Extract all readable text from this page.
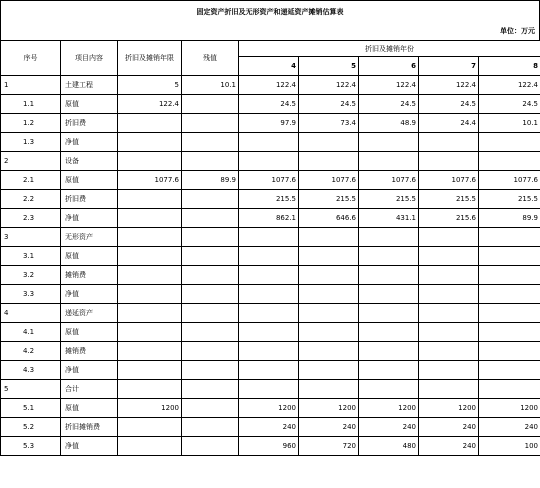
固定资产折旧及无形资产和递延资产摊销估算表
单位：万元
序号	项目内容	折旧及摊销年限	残值	折旧及摊销年份				
				4	5	6	7	8
1	土建工程	5	10.1	122.4	122.4	122.4	122.4	122.4
1.1	原值	122.4		24.5	24.5	24.5	24.5	24.5
1.2	折旧费			97.9	73.4	48.9	24.4	10.1
1.3	净值							
2	设备							
2.1	原值	1077.6	89.9	1077.6	1077.6	1077.6	1077.6	1077.6
2.2	折旧费			215.5	215.5	215.5	215.5	215.5
2.3	净值			862.1	646.6	431.1	215.6	89.9
3	无形资产							
3.1	原值							
3.2	摊销费							
3.3	净值							
4	递延资产							
4.1	原值							
4.2	摊销费							
4.3	净值							
5	合计							
5.1	原值	1200		1200	1200	1200	1200	1200
5.2	折旧摊销费			240	240	240	240	240
5.3	净值			960	720	480	240	100
